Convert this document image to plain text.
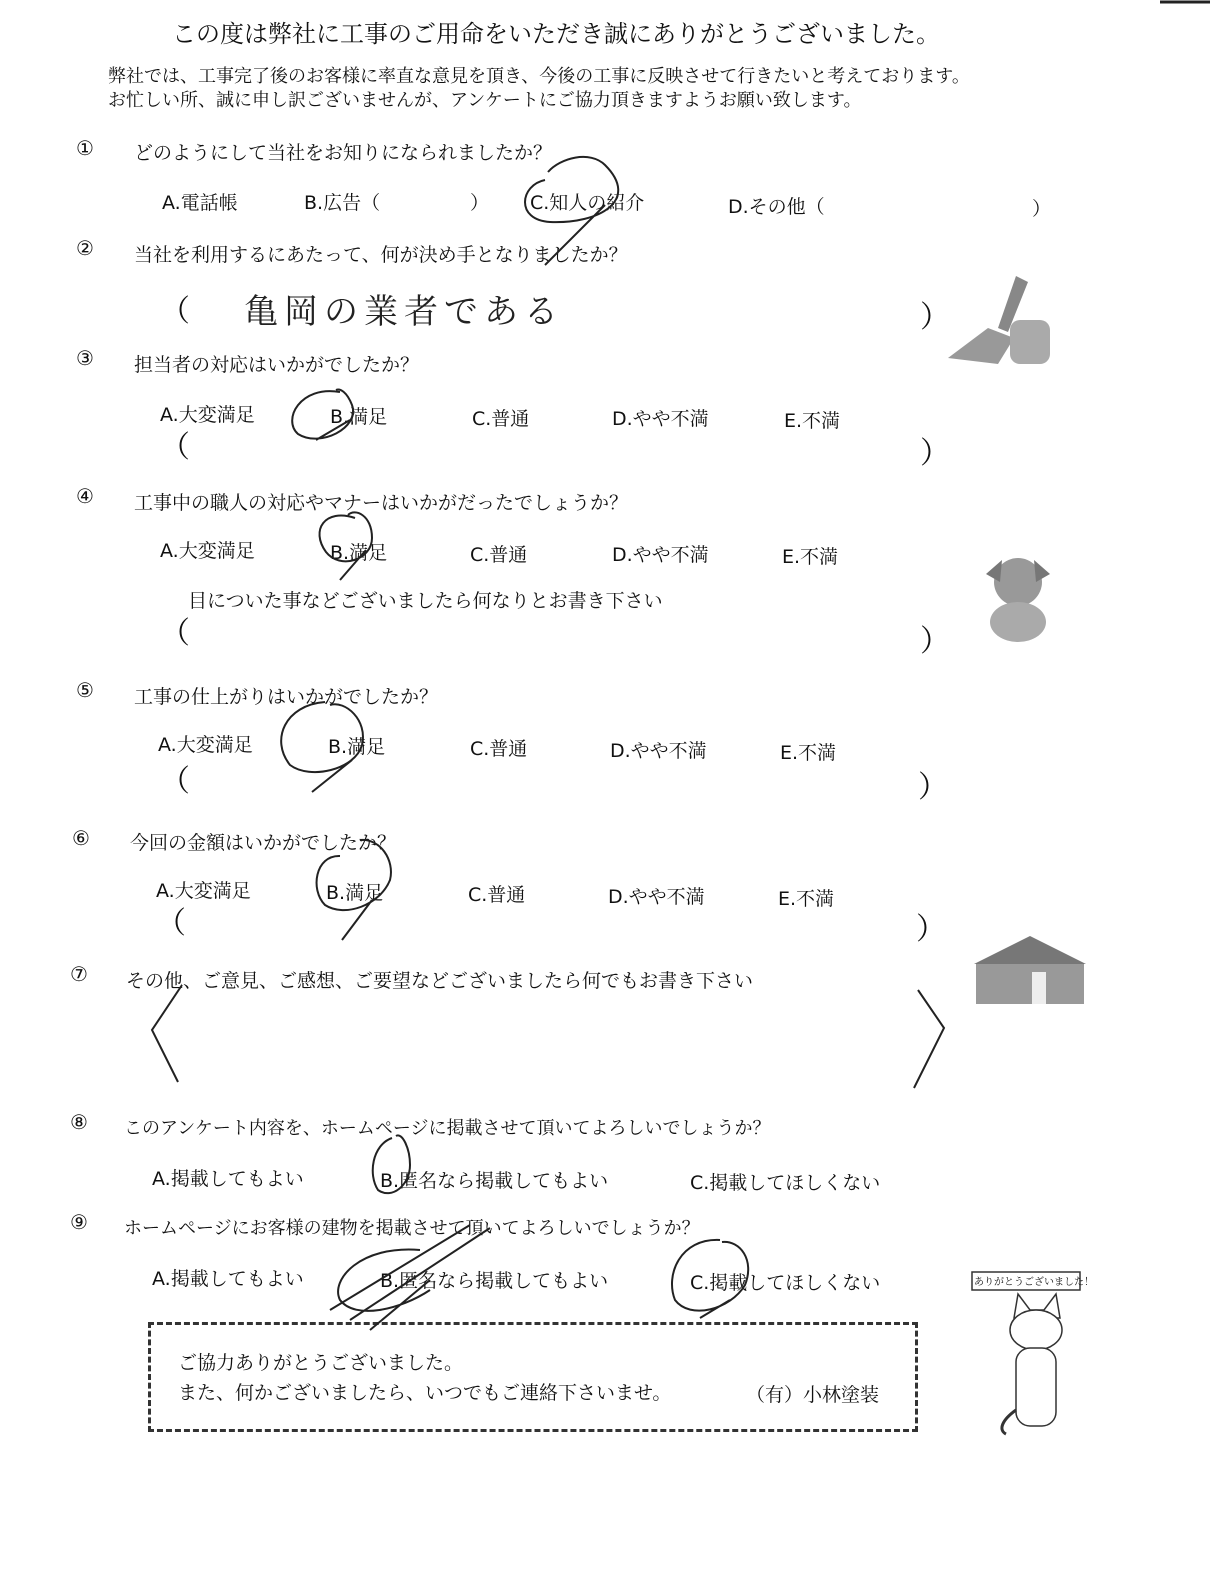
この度は弊社に工事のご用命をいただき誠にありがとうございました。
弊社では、工事完了後のお客様に率直な意見を頂き、今後の工事に反映させて行きたいと考えております。
お忙しい所、誠に申し訳ございませんが、アンケートにご協力頂きますようお願い致します。
① どのようにして当社をお知りになられましたか？
A.電話帳	B.広告（	） C.知人の紹介	D.その他（	）
② 当社を利用するにあたって、何が決め手となりましたか？
（ 亀岡の業者である	）
③ 担当者の対応はいかがでしたか？
A.大変満足	B.満足	C.普通	D.やや不満	E.不満
（	）
④ 工事中の職人の対応やマナーはいかがだったでしょうか？
A.大変満足	B.満足	C.普通	D.やや不満	E.不満
目についた事などございましたら何なりとお書き下さい
（	）
⑤ 工事の仕上がりはいかがでしたか？
A.大変満足	B.満足	C.普通	D.やや不満	E.不満
（	）
⑥ 今回の金額はいかがでしたか？
A.大変満足	B.満足	C.普通	D.やや不満	E.不満
（	）
⑦ その他、ご意見、ご感想、ご要望などございましたら何でもお書き下さい
⑧ このアンケート内容を、ホームページに掲載させて頂いてよろしいでしょうか？
A.掲載してもよい	B.匿名なら掲載してもよい	C.掲載してほしくない
⑨ ホームページにお客様の建物を掲載させて頂いてよろしいでしょうか？
A.掲載してもよい	B.匿名なら掲載してもよい	C.掲載してほしくない
ご協力ありがとうございました。
また、何かございましたら、いつでもご連絡下さいませ。	（有）小林塗装
ありがとうございました！
